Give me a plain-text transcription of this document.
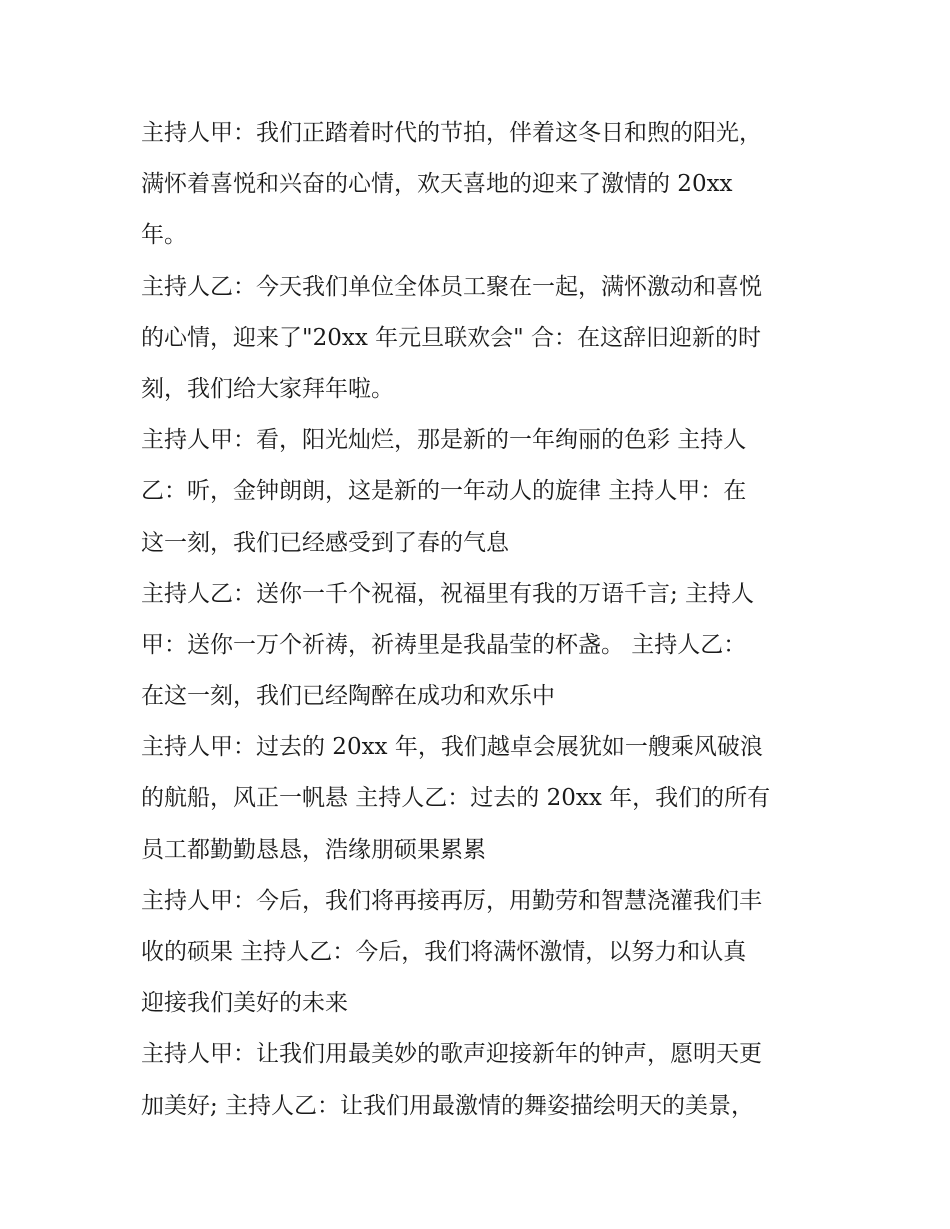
主持人甲：我们正踏着时代的节拍，伴着这冬日和煦的阳光，
满怀着喜悦和兴奋的心情，欢天喜地的迎来了激情的 20xx
年。
主持人乙：今天我们单位全体员工聚在一起，满怀激动和喜悦
的心情，迎来了"20xx 年元旦联欢会" 合：在这辞旧迎新的时
刻，我们给大家拜年啦。
主持人甲：看，阳光灿烂，那是新的一年绚丽的色彩 主持人
乙：听，金钟朗朗，这是新的一年动人的旋律 主持人甲：在
这一刻，我们已经感受到了春的气息
主持人乙：送你一千个祝福，祝福里有我的万语千言; 主持人
甲：送你一万个祈祷，祈祷里是我晶莹的杯盏。 主持人乙：
在这一刻，我们已经陶醉在成功和欢乐中
主持人甲：过去的 20xx 年，我们越卓会展犹如一艘乘风破浪
的航船，风正一帆悬 主持人乙：过去的 20xx 年，我们的所有
员工都勤勤恳恳，浩缘朋硕果累累
主持人甲：今后，我们将再接再厉，用勤劳和智慧浇灌我们丰
收的硕果 主持人乙：今后，我们将满怀激情，以努力和认真
迎接我们美好的未来
主持人甲：让我们用最美妙的歌声迎接新年的钟声，愿明天更
加美好; 主持人乙：让我们用最激情的舞姿描绘明天的美景，
